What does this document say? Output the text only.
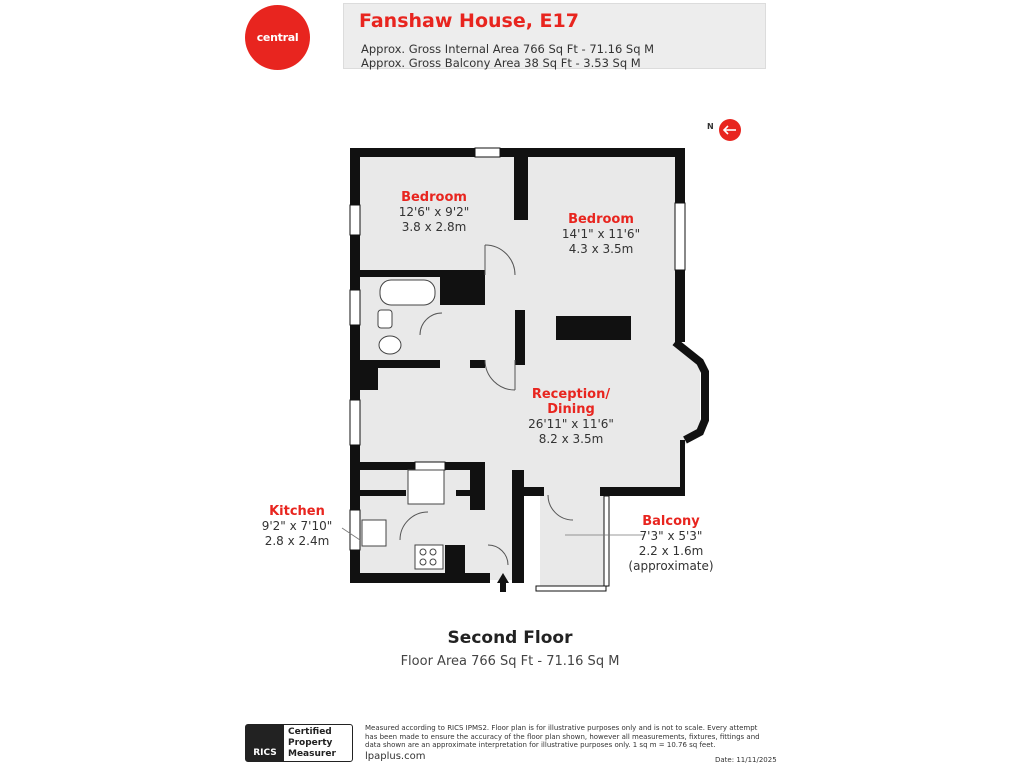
central
Fanshaw House, E17
Approx. Gross Internal Area 766 Sq Ft - 71.16 Sq M
Approx. Gross Balcony Area 38 Sq Ft - 3.53 Sq M
N
Bedroom
12'6" x 9'2"
3.8 x 2.8m	Bedroom
14'1" x 11'6"
4.3 x 3.5m
Reception/
Dining
26'11" x 11'6"
8.2 x 3.5m
Kitchen
9'2" x 7'10"
2.8 x 2.4m
Balcony
7'3" x 5'3"
2.2 x 1.6m
(approximate)
Second Floor
Floor Area 766 Sq Ft - 71.16 Sq M
RICS
Certified
Property
Measurer
Measured according to RICS IPMS2. Floor plan is for illustrative purposes only and is not to scale. Every attempt has been made to ensure the accuracy of the floor plan shown, however all measurements, fixtures, fittings and data shown are an approximate interpretation for illustrative purposes only. 1 sq m = 10.76 sq feet.
lpaplus.com	Date: 11/11/2025
